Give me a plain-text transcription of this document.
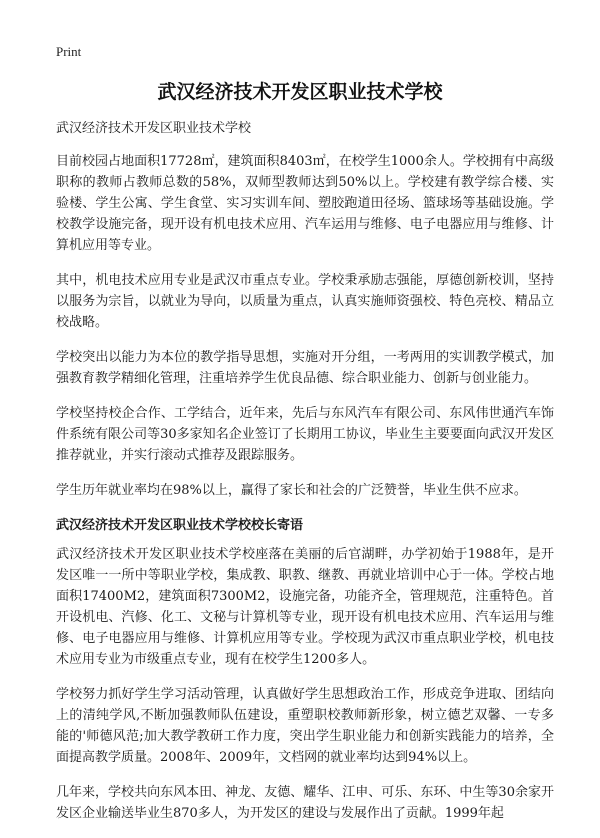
Print
武汉经济技术开发区职业技术学校

武汉经济技术开发区职业技术学校

目前校园占地面积17728㎡，建筑面积8403㎡，在校学生1000余人。学校拥有中高级职称的教师占教师总数的58%，双师型教师达到50%以上。学校建有教学综合楼、实验楼、学生公寓、学生食堂、实习实训车间、塑胶跑道田径场、篮球场等基础设施。学校教学设施完备，现开设有机电技术应用、汽车运用与维修、电子电器应用与维修、计算机应用等专业。

其中，机电技术应用专业是武汉市重点专业。学校秉承励志强能，厚德创新校训，坚持以服务为宗旨，以就业为导向，以质量为重点，认真实施师资强校、特色亮校、精品立校战略。

学校突出以能力为本位的教学指导思想，实施对开分组，一考两用的实训教学模式，加强教育教学精细化管理，注重培养学生优良品德、综合职业能力、创新与创业能力。

学校坚持校企合作、工学结合，近年来，先后与东风汽车有限公司、东风伟世通汽车饰件系统有限公司等30多家知名企业签订了长期用工协议，毕业生主要要面向武汉开发区推荐就业，并实行滚动式推荐及跟踪服务。

学生历年就业率均在98%以上，赢得了家长和社会的广泛赞誉，毕业生供不应求。

武汉经济技术开发区职业技术学校校长寄语

武汉经济技术开发区职业技术学校座落在美丽的后官湖畔，办学初始于1988年，是开发区唯一一所中等职业学校，集成教、职教、继教、再就业培训中心于一体。学校占地面积17400M2，建筑面积7300M2，设施完备，功能齐全，管理规范，注重特色。首开设机电、汽修、化工、文秘与计算机等专业，现开设有机电技术应用、汽车运用与维修、电子电器应用与维修、计算机应用等专业。学校现为武汉市重点职业学校，机电技术应用专业为市级重点专业，现有在校学生1200多人。

学校努力抓好学生学习活动管理，认真做好学生思想政治工作，形成竞争进取、团结向上的清纯学风,不断加强教师队伍建设，重塑职校教师新形象，树立德艺双馨、一专多能的'师德风范;加大教学教研工作力度，突出学生职业能力和创新实践能力的培养，全面提高教学质量。2008年、2009年，文档网的就业率均达到94%以上。

几年来，学校共向东风本田、神龙、友德、耀华、江申、可乐、东环、中生等30余家开发区企业输送毕业生870多人，为开发区的建设与发展作出了贡献。1999年起
